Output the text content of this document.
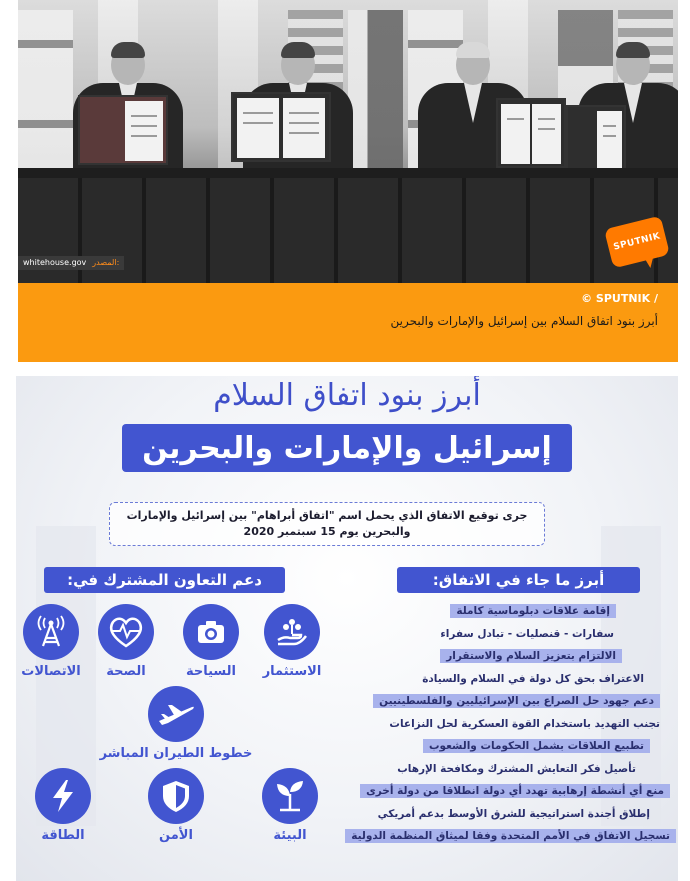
whitehouse.gov المصدر:
SPUTNIK
© SPUTNIK /
أبرز بنود اتفاق السلام بين إسرائيل والإمارات والبحرين
أبرز بنود اتفاق السلام
إسرائيل والإمارات والبحرين
جرى توقيع الاتفاق الذي يحمل اسم "اتفاق أبراهام" بين إسرائيل والإمارات والبحرين يوم 15 سبتمبر 2020
دعم التعاون المشترك في:	أبرز ما جاء في الاتفاق:
إقامة علاقات دبلوماسية كاملة
سفارات - قنصليات - تبادل سفراء
الالتزام بتعزيز السلام والاستقرار
الاعتراف بحق كل دولة في السلام والسيادة
دعم جهود حل الصراع بين الإسرائيليين والفلسطينيين
تجنب التهديد باستخدام القوة العسكرية لحل النزاعات
تطبيع العلاقات بشمل الحكومات والشعوب
تأصيل فكر التعايش المشترك ومكافحة الإرهاب
منع أي أنشطة إرهابية تهدد أي دولة انطلاقا من دولة أخرى
إطلاق أجندة استراتيجية للشرق الأوسط بدعم أمريكي
تسجيل الاتفاق في الأمم المتحدة وفقا لميثاق المنظمة الدولية
الاستثمار
السياحة
الصحة
الاتصالات
خطوط الطيران المباشر
البيئة
الأمن
الطاقة
